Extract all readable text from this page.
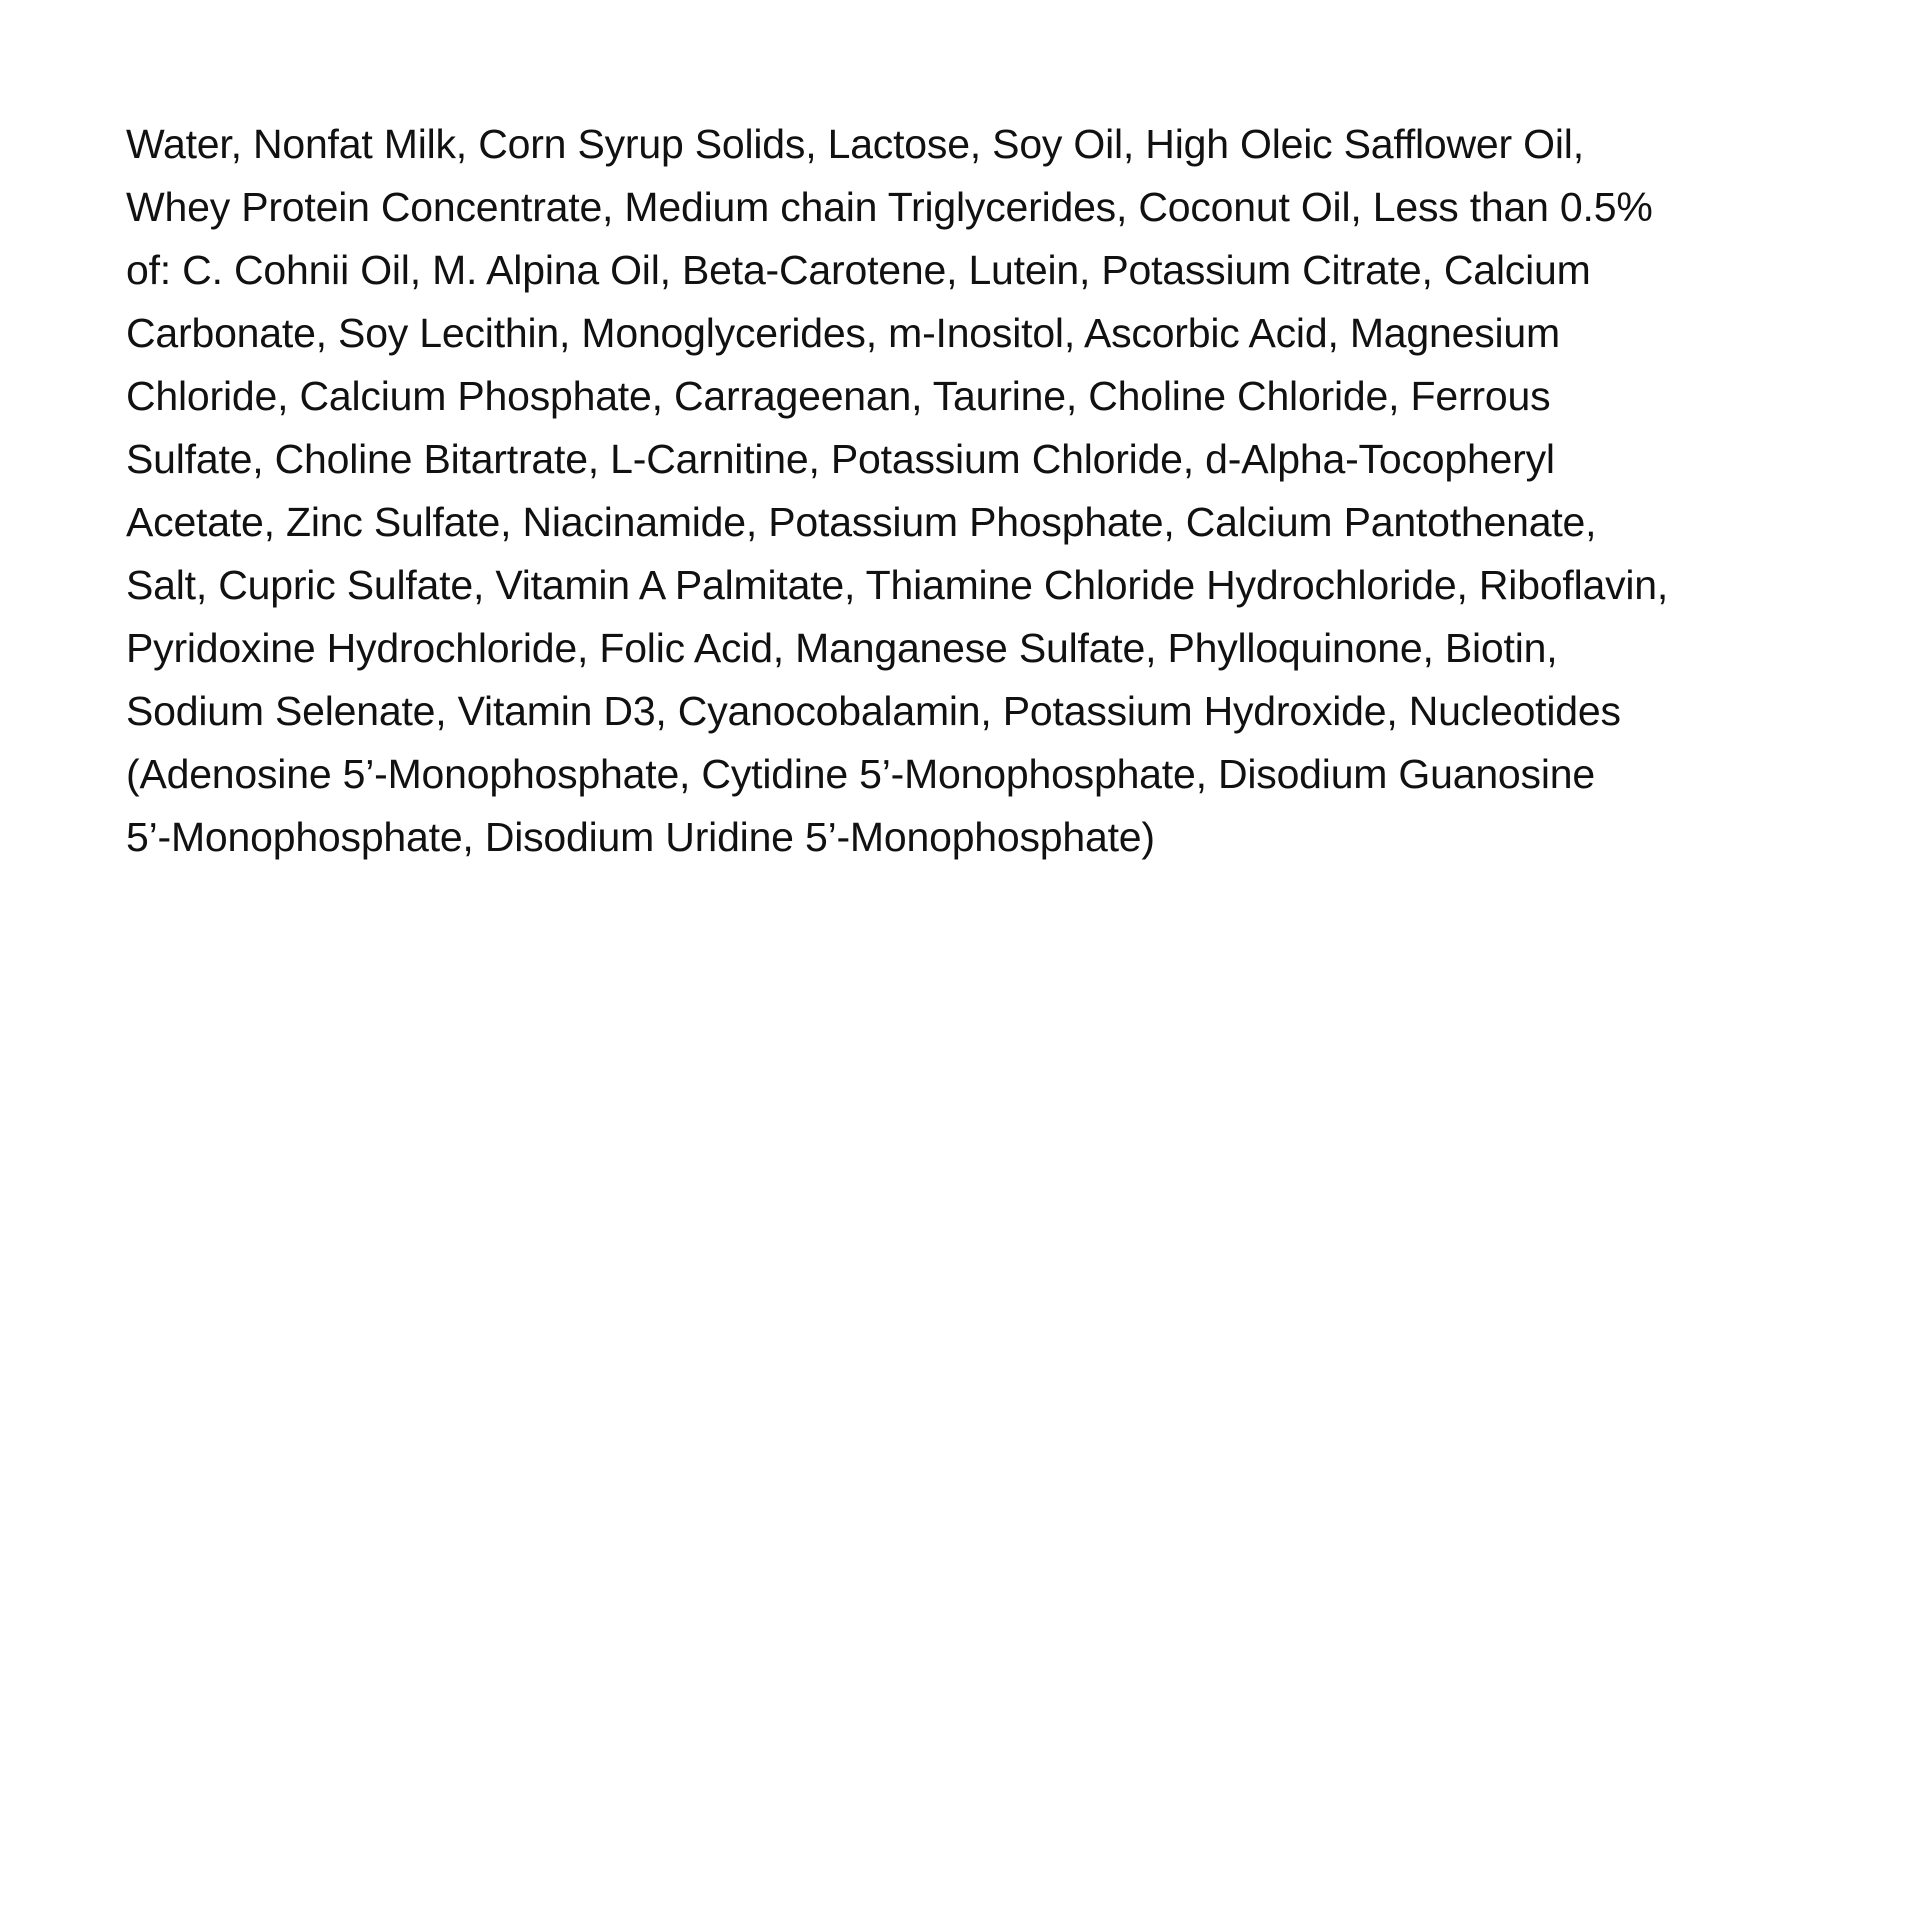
Water, Nonfat Milk, Corn Syrup Solids, Lactose, Soy Oil, High Oleic Safflower Oil,
Whey Protein Concentrate, Medium chain Triglycerides, Coconut Oil, Less than 0.5%
of: C. Cohnii Oil, M. Alpina Oil, Beta-Carotene, Lutein, Potassium Citrate, Calcium
Carbonate, Soy Lecithin, Monoglycerides, m-Inositol, Ascorbic Acid, Magnesium
Chloride, Calcium Phosphate, Carrageenan, Taurine, Choline Chloride, Ferrous
Sulfate, Choline Bitartrate, L-Carnitine, Potassium Chloride, d-Alpha-Tocopheryl
Acetate, Zinc Sulfate, Niacinamide, Potassium Phosphate, Calcium Pantothenate,
Salt, Cupric Sulfate, Vitamin A Palmitate, Thiamine Chloride Hydrochloride, Riboflavin,
Pyridoxine Hydrochloride, Folic Acid, Manganese Sulfate, Phylloquinone, Biotin,
Sodium Selenate, Vitamin D3, Cyanocobalamin, Potassium Hydroxide, Nucleotides
(Adenosine 5’-Monophosphate, Cytidine 5’-Monophosphate, Disodium Guanosine
5’-Monophosphate, Disodium Uridine 5’-Monophosphate)
